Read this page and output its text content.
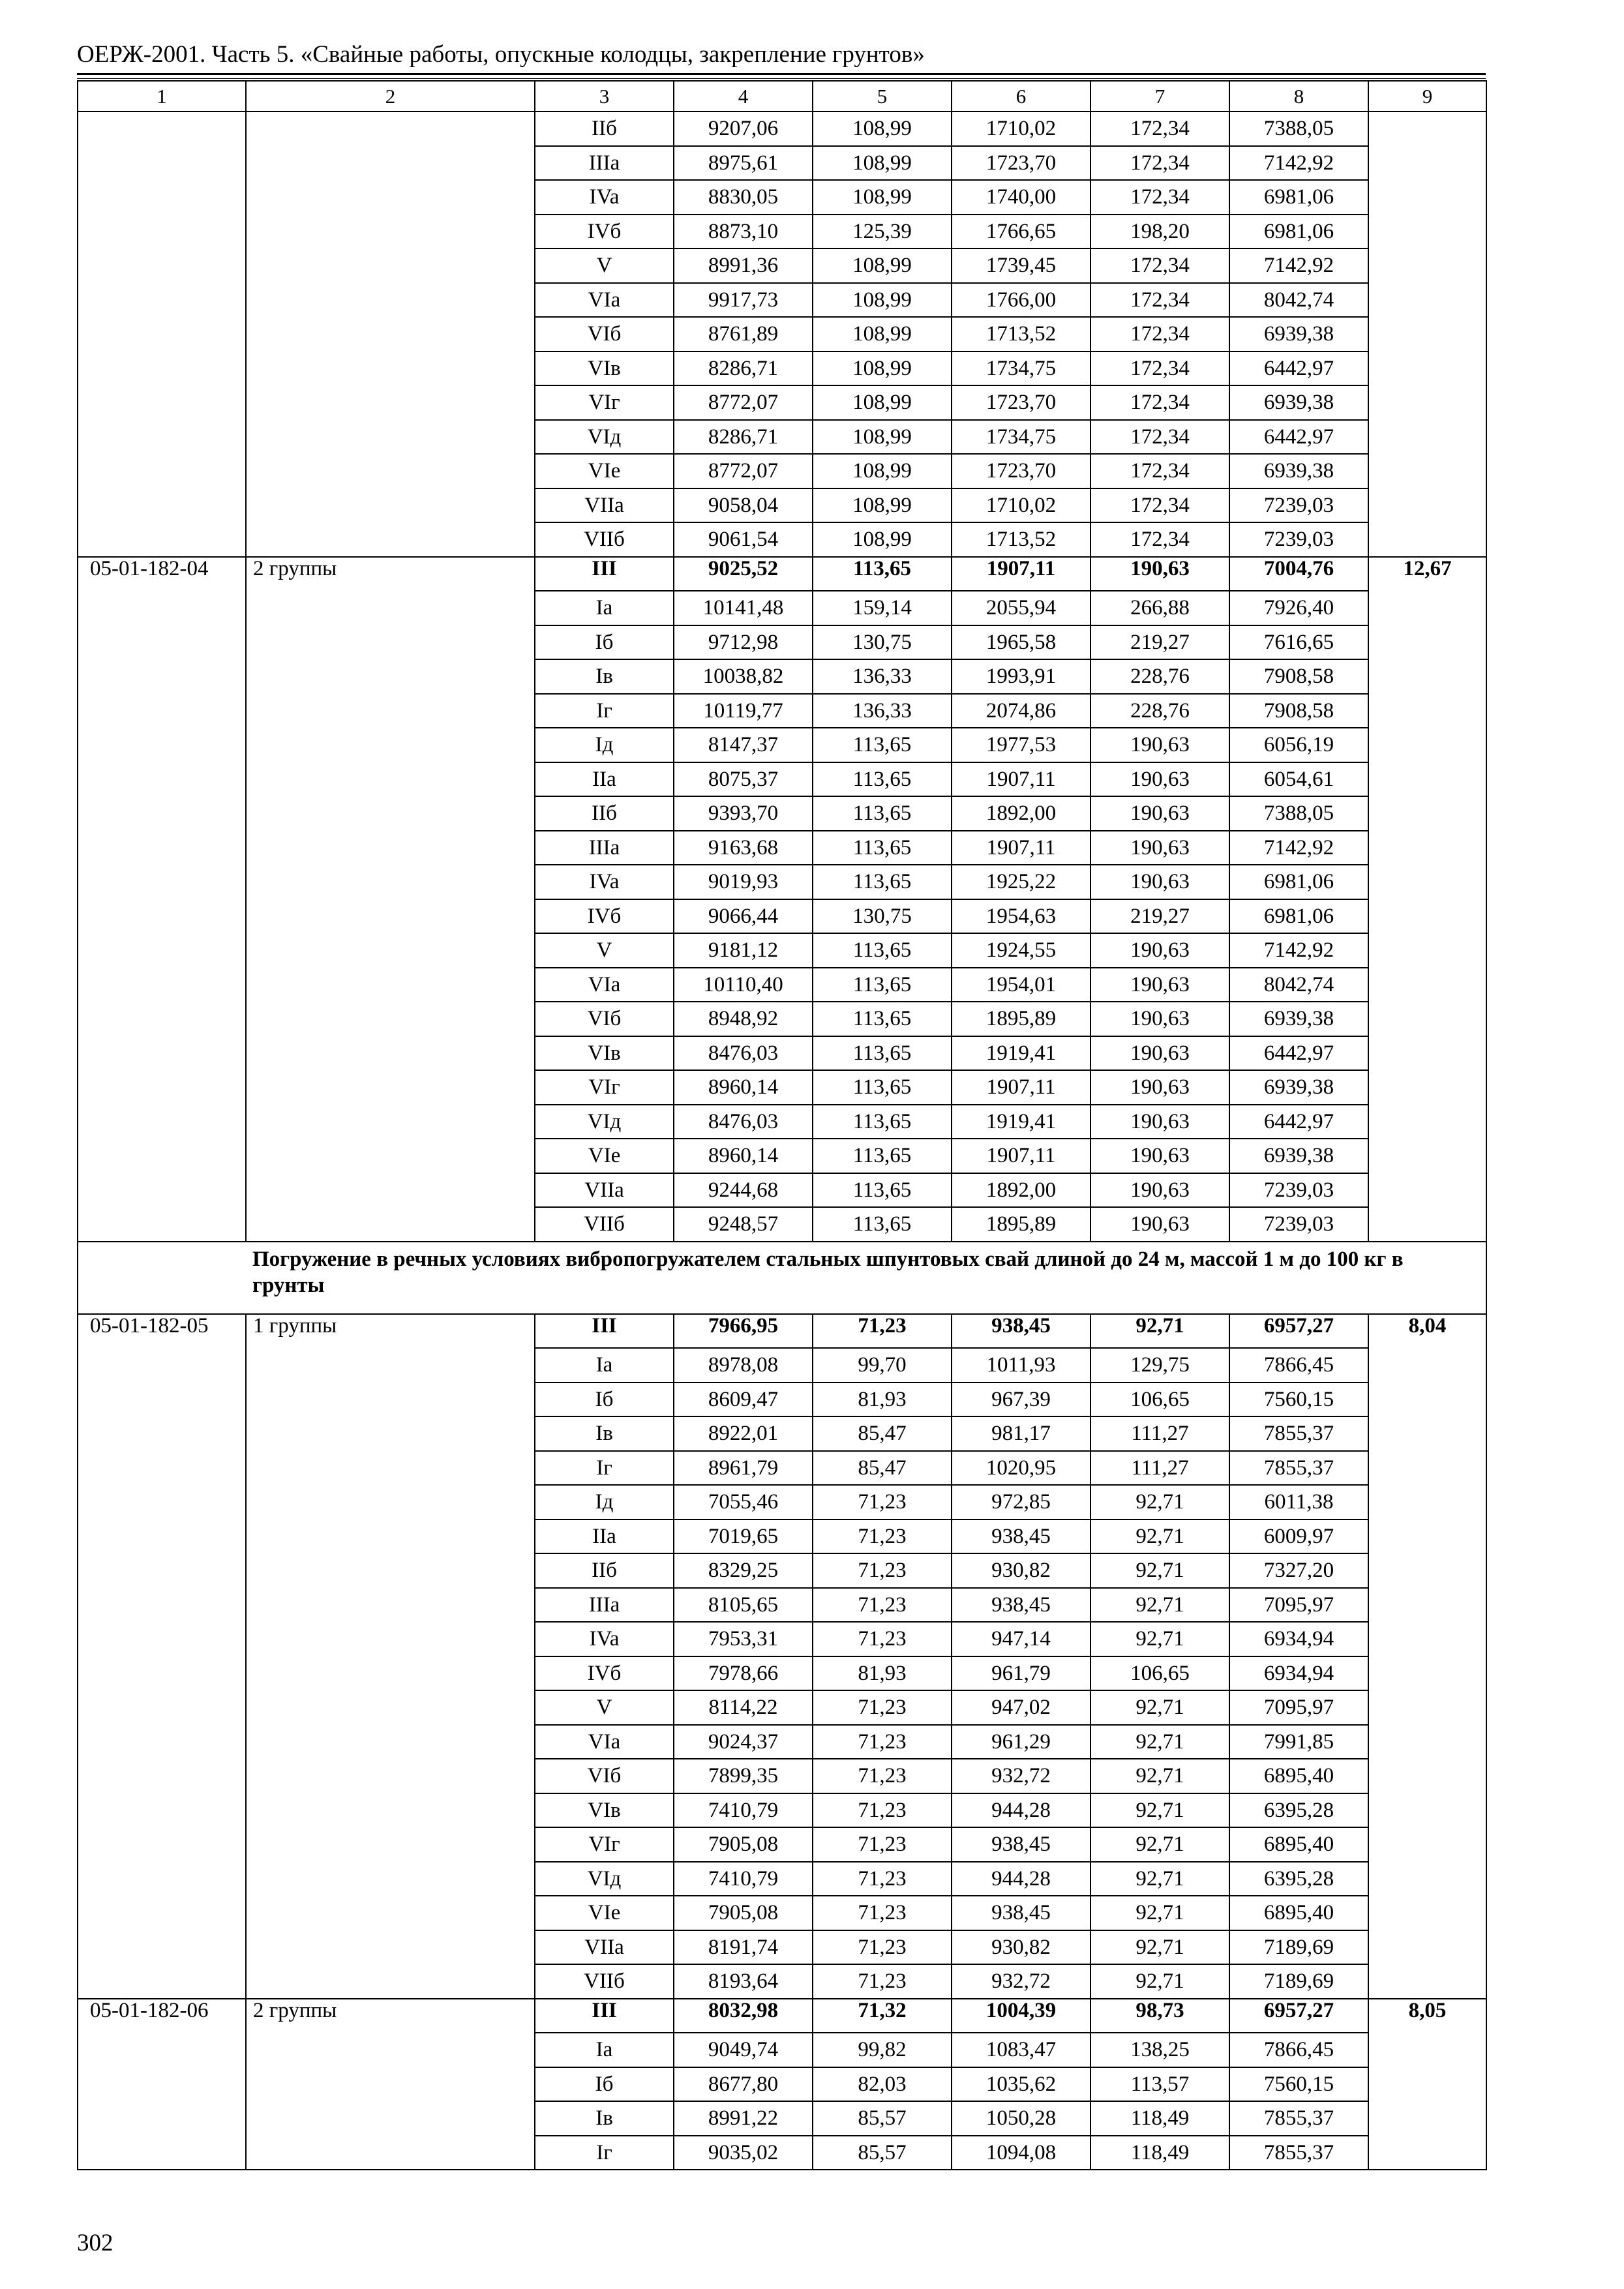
ОЕРЖ-2001. Часть 5. «Свайные работы, опускные колодцы, закрепление грунтов»
1	2	3	4	5	6	7	8	9
		IIб	9207,06	108,99	1710,02	172,34	7388,05	
		IIIa	8975,61	108,99	1723,70	172,34	7142,92	
		IVa	8830,05	108,99	1740,00	172,34	6981,06	
		IVб	8873,10	125,39	1766,65	198,20	6981,06	
		V	8991,36	108,99	1739,45	172,34	7142,92	
		VIa	9917,73	108,99	1766,00	172,34	8042,74	
		VIб	8761,89	108,99	1713,52	172,34	6939,38	
		VIв	8286,71	108,99	1734,75	172,34	6442,97	
		VIг	8772,07	108,99	1723,70	172,34	6939,38	
		VIд	8286,71	108,99	1734,75	172,34	6442,97	
		VIе	8772,07	108,99	1723,70	172,34	6939,38	
		VIIa	9058,04	108,99	1710,02	172,34	7239,03	
		VIIб	9061,54	108,99	1713,52	172,34	7239,03	
05-01-182-04	2 группы	III	9025,52	113,65	1907,11	190,63	7004,76	12,67
		Ia	10141,48	159,14	2055,94	266,88	7926,40	
		Iб	9712,98	130,75	1965,58	219,27	7616,65	
		Iв	10038,82	136,33	1993,91	228,76	7908,58	
		Iг	10119,77	136,33	2074,86	228,76	7908,58	
		Iд	8147,37	113,65	1977,53	190,63	6056,19	
		IIa	8075,37	113,65	1907,11	190,63	6054,61	
		IIб	9393,70	113,65	1892,00	190,63	7388,05	
		IIIa	9163,68	113,65	1907,11	190,63	7142,92	
		IVa	9019,93	113,65	1925,22	190,63	6981,06	
		IVб	9066,44	130,75	1954,63	219,27	6981,06	
		V	9181,12	113,65	1924,55	190,63	7142,92	
		VIa	10110,40	113,65	1954,01	190,63	8042,74	
		VIб	8948,92	113,65	1895,89	190,63	6939,38	
		VIв	8476,03	113,65	1919,41	190,63	6442,97	
		VIг	8960,14	113,65	1907,11	190,63	6939,38	
		VIд	8476,03	113,65	1919,41	190,63	6442,97	
		VIе	8960,14	113,65	1907,11	190,63	6939,38	
		VIIa	9244,68	113,65	1892,00	190,63	7239,03	
		VIIб	9248,57	113,65	1895,89	190,63	7239,03	
	Погружение в речных условиях вибропогружателем стальных шпунтовых свай длиной до 24 м, массой 1 м до 100 кг в грунты							
05-01-182-05	1 группы	III	7966,95	71,23	938,45	92,71	6957,27	8,04
		Ia	8978,08	99,70	1011,93	129,75	7866,45	
		Iб	8609,47	81,93	967,39	106,65	7560,15	
		Iв	8922,01	85,47	981,17	111,27	7855,37	
		Iг	8961,79	85,47	1020,95	111,27	7855,37	
		Iд	7055,46	71,23	972,85	92,71	6011,38	
		IIa	7019,65	71,23	938,45	92,71	6009,97	
		IIб	8329,25	71,23	930,82	92,71	7327,20	
		IIIa	8105,65	71,23	938,45	92,71	7095,97	
		IVa	7953,31	71,23	947,14	92,71	6934,94	
		IVб	7978,66	81,93	961,79	106,65	6934,94	
		V	8114,22	71,23	947,02	92,71	7095,97	
		VIa	9024,37	71,23	961,29	92,71	7991,85	
		VIб	7899,35	71,23	932,72	92,71	6895,40	
		VIв	7410,79	71,23	944,28	92,71	6395,28	
		VIг	7905,08	71,23	938,45	92,71	6895,40	
		VIд	7410,79	71,23	944,28	92,71	6395,28	
		VIе	7905,08	71,23	938,45	92,71	6895,40	
		VIIa	8191,74	71,23	930,82	92,71	7189,69	
		VIIб	8193,64	71,23	932,72	92,71	7189,69	
05-01-182-06	2 группы	III	8032,98	71,32	1004,39	98,73	6957,27	8,05
		Ia	9049,74	99,82	1083,47	138,25	7866,45	
		Iб	8677,80	82,03	1035,62	113,57	7560,15	
		Iв	8991,22	85,57	1050,28	118,49	7855,37	
		Iг	9035,02	85,57	1094,08	118,49	7855,37	
302
